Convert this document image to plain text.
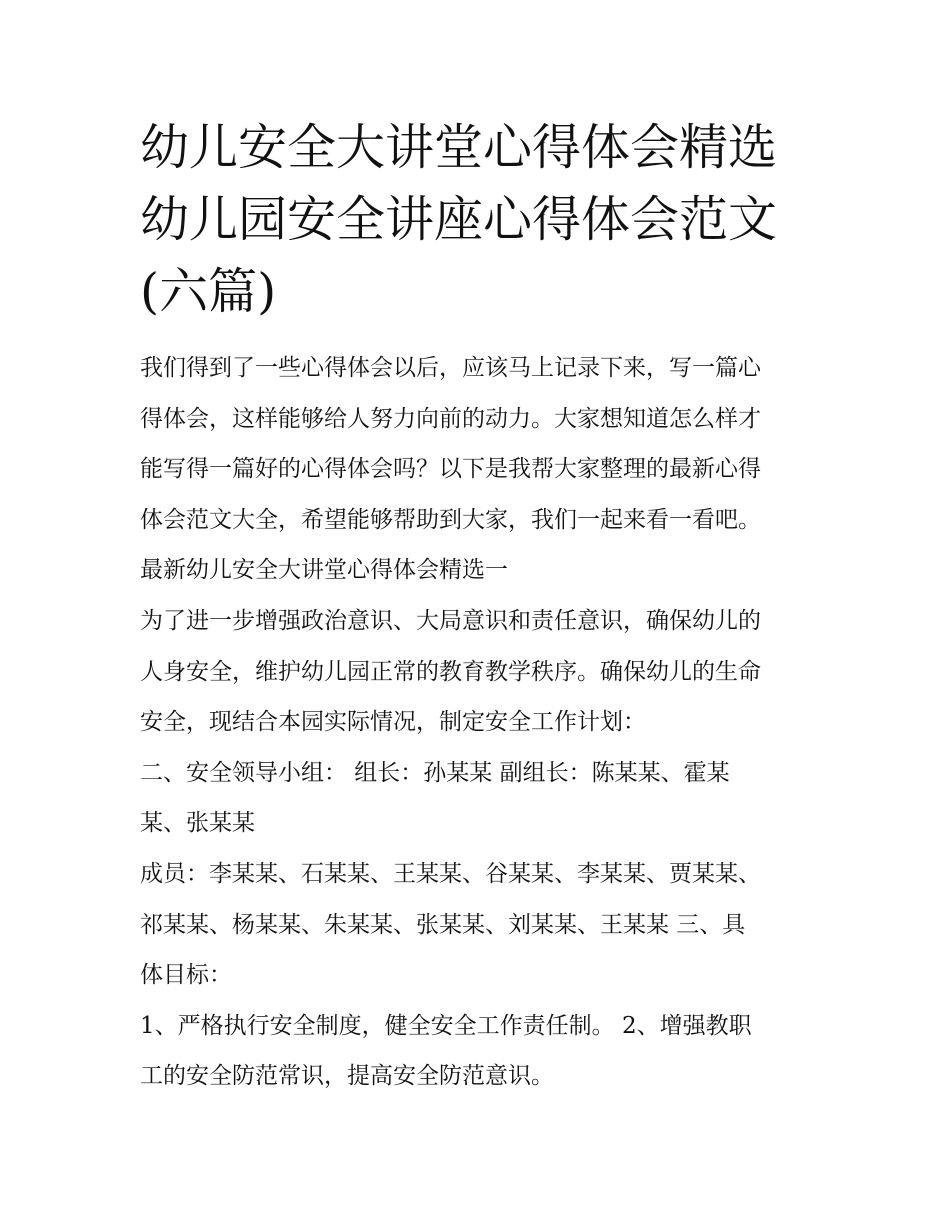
幼儿安全大讲堂心得体会精选
幼儿园安全讲座心得体会范文
(六篇)

我们得到了一些心得体会以后，应该马上记录下来，写一篇心

得体会，这样能够给人努力向前的动力。大家想知道怎么样才

能写得一篇好的心得体会吗？以下是我帮大家整理的最新心得

体会范文大全，希望能够帮助到大家，我们一起来看一看吧。

最新幼儿安全大讲堂心得体会精选一

为了进一步增强政治意识、大局意识和责任意识，确保幼儿的

人身安全，维护幼儿园正常的教育教学秩序。确保幼儿的生命

安全，现结合本园实际情况，制定安全工作计划：

二、安全领导小组： 组长：孙某某 副组长：陈某某、霍某

某、张某某

成员：李某某、石某某、王某某、谷某某、李某某、贾某某、

祁某某、杨某某、朱某某、张某某、刘某某、王某某 三、具

体目标：

1、严格执行安全制度，健全安全工作责任制。 2、增强教职

工的安全防范常识，提高安全防范意识。
